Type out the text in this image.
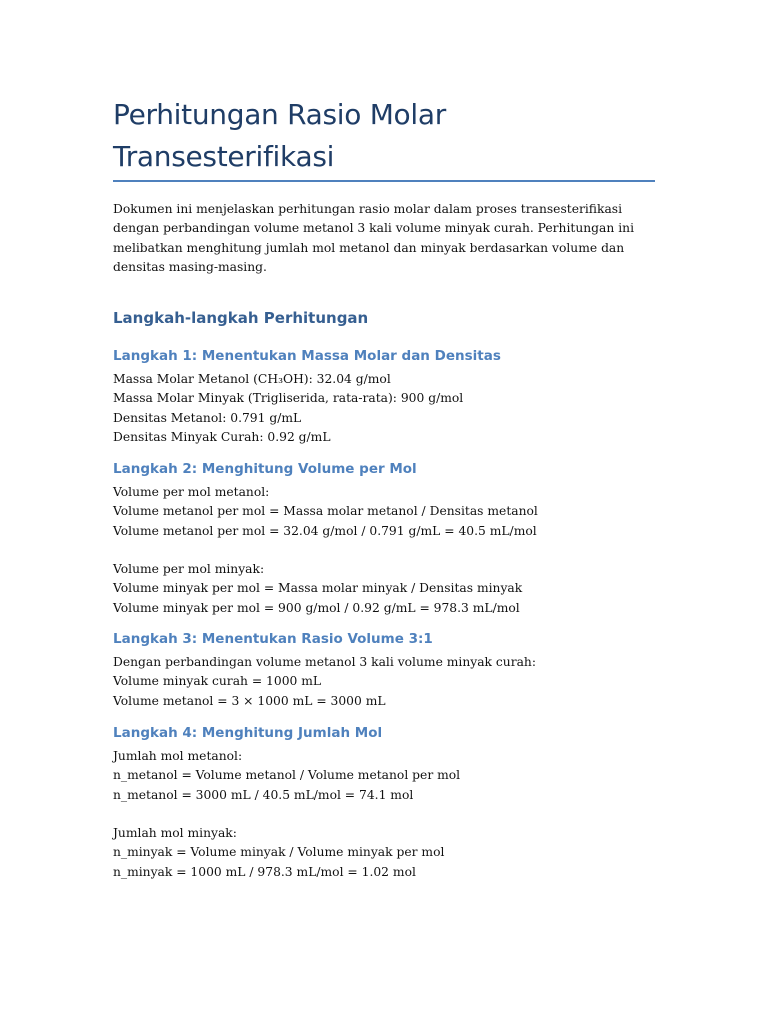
Perhitungan Rasio Molar Transesterifikasi

Dokumen ini menjelaskan perhitungan rasio molar dalam proses transesterifikasi dengan perbandingan volume metanol 3 kali volume minyak curah. Perhitungan ini melibatkan menghitung jumlah mol metanol dan minyak berdasarkan volume dan densitas masing-masing.

Langkah-langkah Perhitungan
Langkah 1: Menentukan Massa Molar dan Densitas
Massa Molar Metanol (CH₃OH): 32.04 g/mol
Massa Molar Minyak (Trigliserida, rata-rata): 900 g/mol
Densitas Metanol: 0.791 g/mL
Densitas Minyak Curah: 0.92 g/mL
Langkah 2: Menghitung Volume per Mol
Volume per mol metanol:
Volume metanol per mol = Massa molar metanol / Densitas metanol
Volume metanol per mol = 32.04 g/mol / 0.791 g/mL = 40.5 mL/mol
Volume per mol minyak:
Volume minyak per mol = Massa molar minyak / Densitas minyak
Volume minyak per mol = 900 g/mol / 0.92 g/mL = 978.3 mL/mol
Langkah 3: Menentukan Rasio Volume 3:1
Dengan perbandingan volume metanol 3 kali volume minyak curah:
Volume minyak curah = 1000 mL
Volume metanol = 3 × 1000 mL = 3000 mL
Langkah 4: Menghitung Jumlah Mol
Jumlah mol metanol:
n_metanol = Volume metanol / Volume metanol per mol
n_metanol = 3000 mL / 40.5 mL/mol = 74.1 mol
Jumlah mol minyak:
n_minyak = Volume minyak / Volume minyak per mol
n_minyak = 1000 mL / 978.3 mL/mol = 1.02 mol
